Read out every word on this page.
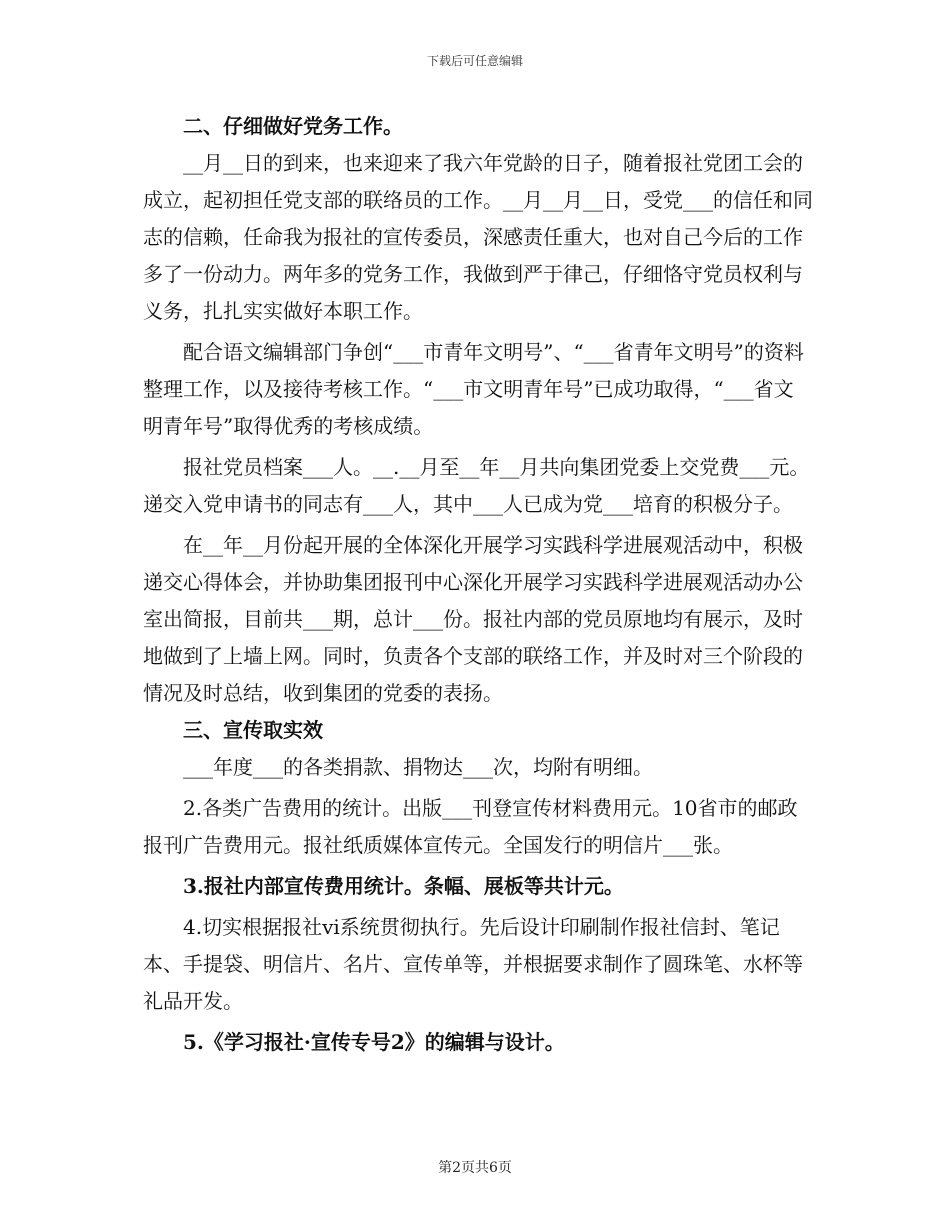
下载后可任意编辑

二、仔细做好党务工作。

__月__日的到来，也来迎来了我六年党龄的日子，随着报社党团工会的成立，起初担任党支部的联络员的工作。__月__月__日，受党___的信任和同志的信赖，任命我为报社的宣传委员，深感责任重大，也对自己今后的工作多了一份动力。两年多的党务工作，我做到严于律己，仔细恪守党员权利与义务，扎扎实实做好本职工作。

配合语文编辑部门争创“___市青年文明号”、“___省青年文明号”的资料整理工作，以及接待考核工作。“___市文明青年号”已成功取得，“___省文明青年号”取得优秀的考核成绩。

报社党员档案___人。__.__月至__年__月共向集团党委上交党费___元。递交入党申请书的同志有___人，其中___人已成为党___培育的积极分子。

在__年__月份起开展的全体深化开展学习实践科学进展观活动中，积极递交心得体会，并协助集团报刊中心深化开展学习实践科学进展观活动办公室出简报，目前共___期，总计___份。报社内部的党员原地均有展示，及时地做到了上墙上网。同时，负责各个支部的联络工作，并及时对三个阶段的情况及时总结，收到集团的党委的表扬。

三、宣传取实效

___年度___的各类捐款、捐物达___次，均附有明细。

2.各类广告费用的统计。出版___刊登宣传材料费用元。10省市的邮政报刊广告费用元。报社纸质媒体宣传元。全国发行的明信片___张。

3.报社内部宣传费用统计。条幅、展板等共计元。

4.切实根据报社vi系统贯彻执行。先后设计印刷制作报社信封、笔记本、手提袋、明信片、名片、宣传单等，并根据要求制作了圆珠笔、水杯等礼品开发。

5.《学习报社·宣传专号2》的编辑与设计。

第2页共6页
